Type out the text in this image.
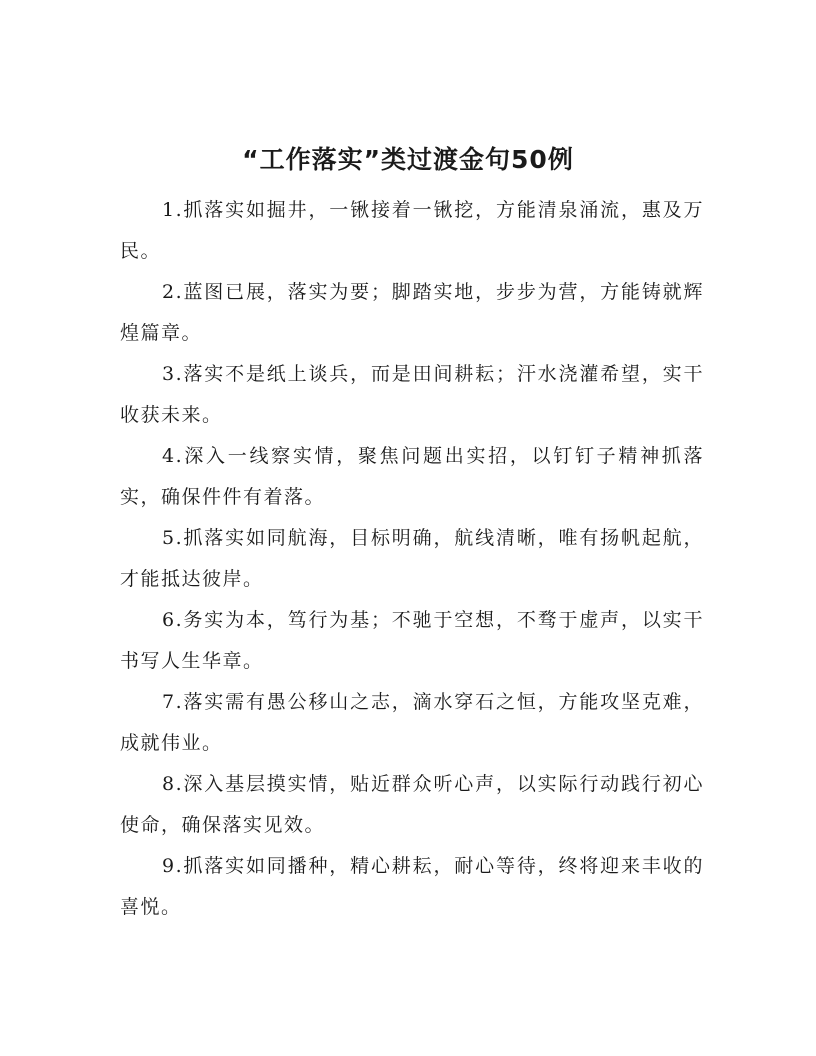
“工作落实”类过渡金句50例

1.抓落实如掘井，一锹接着一锹挖，方能清泉涌流，惠及万民。

2.蓝图已展，落实为要；脚踏实地，步步为营，方能铸就辉煌篇章。

3.落实不是纸上谈兵，而是田间耕耘；汗水浇灌希望，实干收获未来。

4.深入一线察实情，聚焦问题出实招，以钉钉子精神抓落实，确保件件有着落。

5.抓落实如同航海，目标明确，航线清晰，唯有扬帆起航，才能抵达彼岸。

6.务实为本，笃行为基；不驰于空想，不骛于虚声，以实干书写人生华章。

7.落实需有愚公移山之志，滴水穿石之恒，方能攻坚克难，成就伟业。

8.深入基层摸实情，贴近群众听心声，以实际行动践行初心使命，确保落实见效。

9.抓落实如同播种，精心耕耘，耐心等待，终将迎来丰收的喜悦。
